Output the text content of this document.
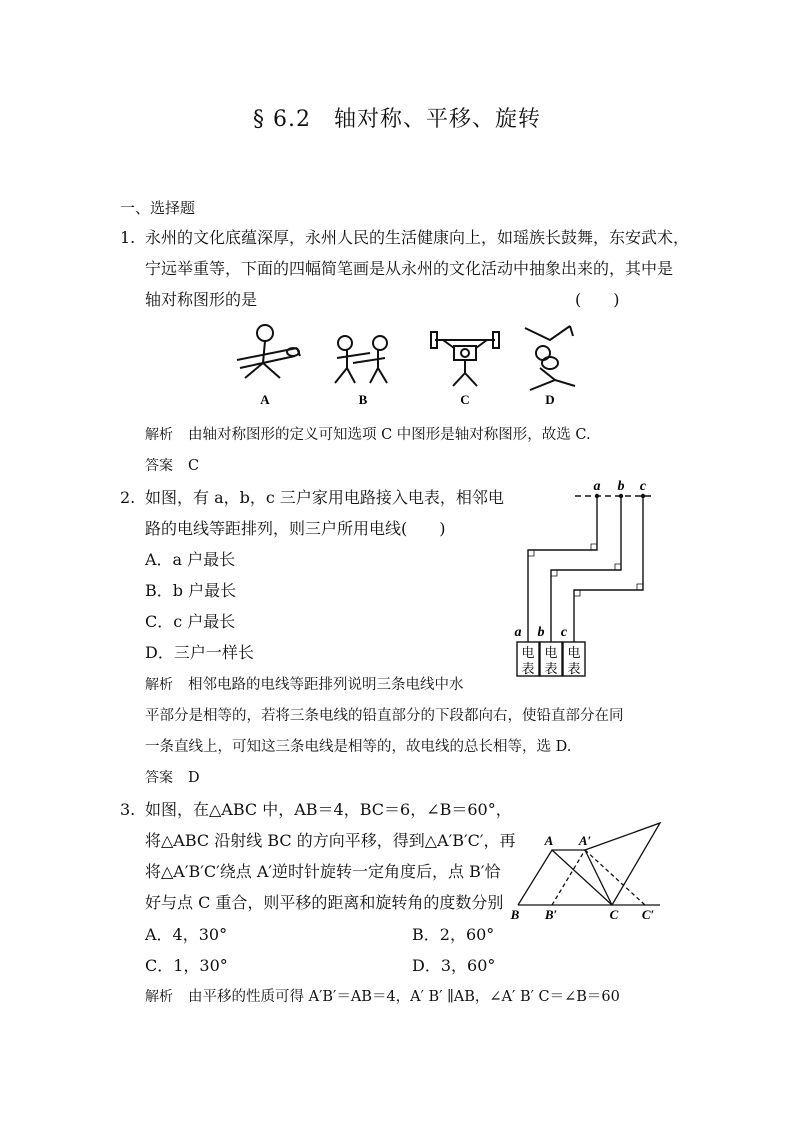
§ 6.2　轴对称、平移、旋转
一、选择题
1. 永州的文化底蕴深厚，永州人民的生活健康向上，如瑶族长鼓舞，东安武术，
宁远举重等，下面的四幅简笔画是从永州的文化活动中抽象出来的，其中是
轴对称图形的是	(　　)
A	B	C	D
解析 由轴对称图形的定义可知选项 C 中图形是轴对称图形，故选 C.
答案 C
2. 如图，有 a，b，c 三户家用电路接入电表，相邻电
路的电线等距排列，则三户所用电线(　　)
A．a 户最长
B．b 户最长
C．c 户最长
D．三户一样长
a b c
a b c
电
表
电
表
电
表
解析 相邻电路的电线等距排列说明三条电线中水
平部分是相等的，若将三条电线的铅直部分的下段都向右，使铅直部分在同
一条直线上，可知这三条电线是相等的，故电线的总长相等，选 D.
答案 D
3. 如图，在△ABC 中，AB＝4，BC＝6，∠B＝60°，
将△ABC 沿射线 BC 的方向平移，得到△A′B′C′，再
将△A′B′C′绕点 A′逆时针旋转一定角度后，点 B′恰
好与点 C 重合，则平移的距离和旋转角的度数分别
A．4，30°	B．2，60°
C．1，30°	D．3，60°
A A′
B B′	C C′
解析 由平移的性质可得 A′B′＝AB＝4，A′ B′ ∥AB，∠A′ B′ C＝∠B＝60
